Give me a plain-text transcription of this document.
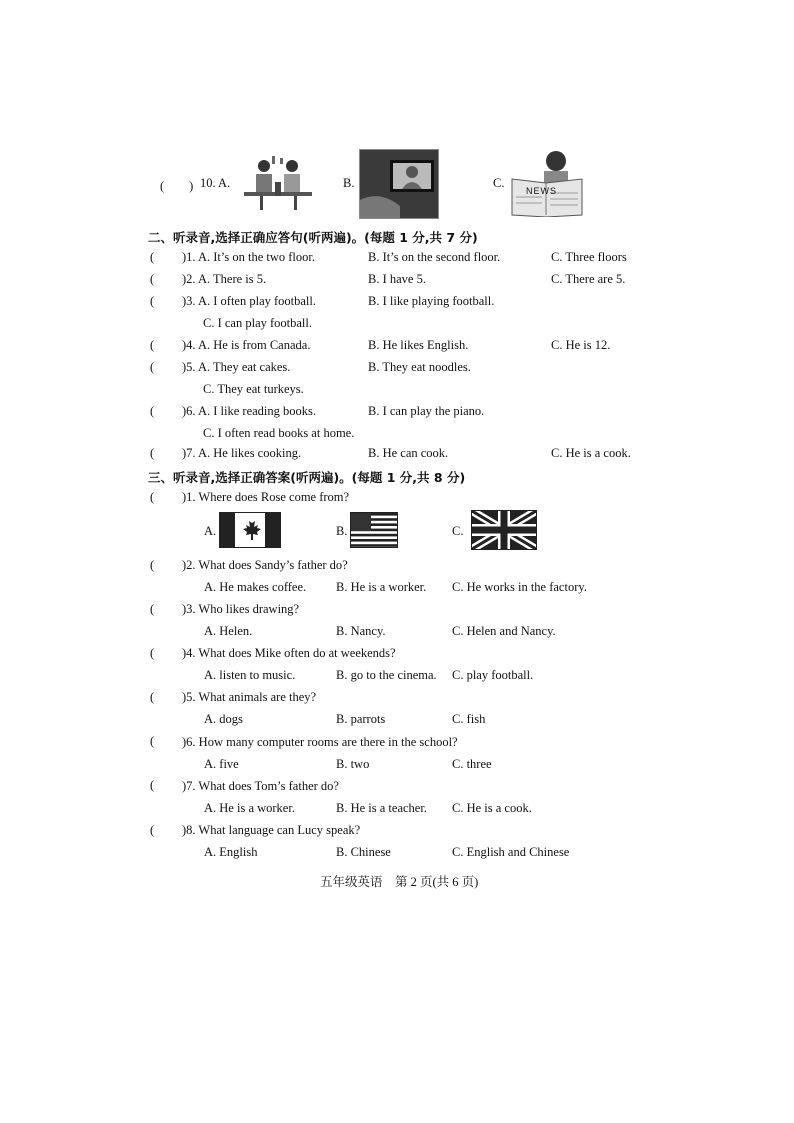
(　　) 10. A.	B.	C.
NEWS
二、听录音,选择正确应答句(听两遍)。(每题 1 分,共 7 分)
( )1. A. It’s on the two floor.	B. It’s on the second floor.	C. Three floors
( )2. A. There is 5.	B. I have 5.	C. There are 5.
( )3. A. I often play football.	B. I like playing football.
C. I can play football.
( )4. A. He is from Canada.	B. He likes English.	C. He is 12.
( )5. A. They eat cakes.	B. They eat noodles.
C. They eat turkeys.
( )6. A. I like reading books.	B. I can play the piano.
C. I often read books at home.
( )7. A. He likes cooking.	B. He can cook.	C. He is a cook.
三、听录音,选择正确答案(听两遍)。(每题 1 分,共 8 分)
( )1. Where does Rose come from?
A.	B.	C.
( )2. What does Sandy’s father do?
A. He makes coffee. B. He is a worker. C. He works in the factory.
( )3. Who likes drawing?
A. Helen.	B. Nancy.	C. Helen and Nancy.
( )4. What does Mike often do at weekends?
A. listen to music.	B. go to the cinema. C. play football.
( )5. What animals are they?
A. dogs	B. parrots	C. fish
( )6. How many computer rooms are there in the school?
A. five	B. two	C. three
( )7. What does Tom’s father do?
A. He is a worker.	B. He is a teacher. C. He is a cook.
( )8. What language can Lucy speak?
A. English	B. Chinese	C. English and Chinese
五年级英语　第 2 页(共 6 页)
